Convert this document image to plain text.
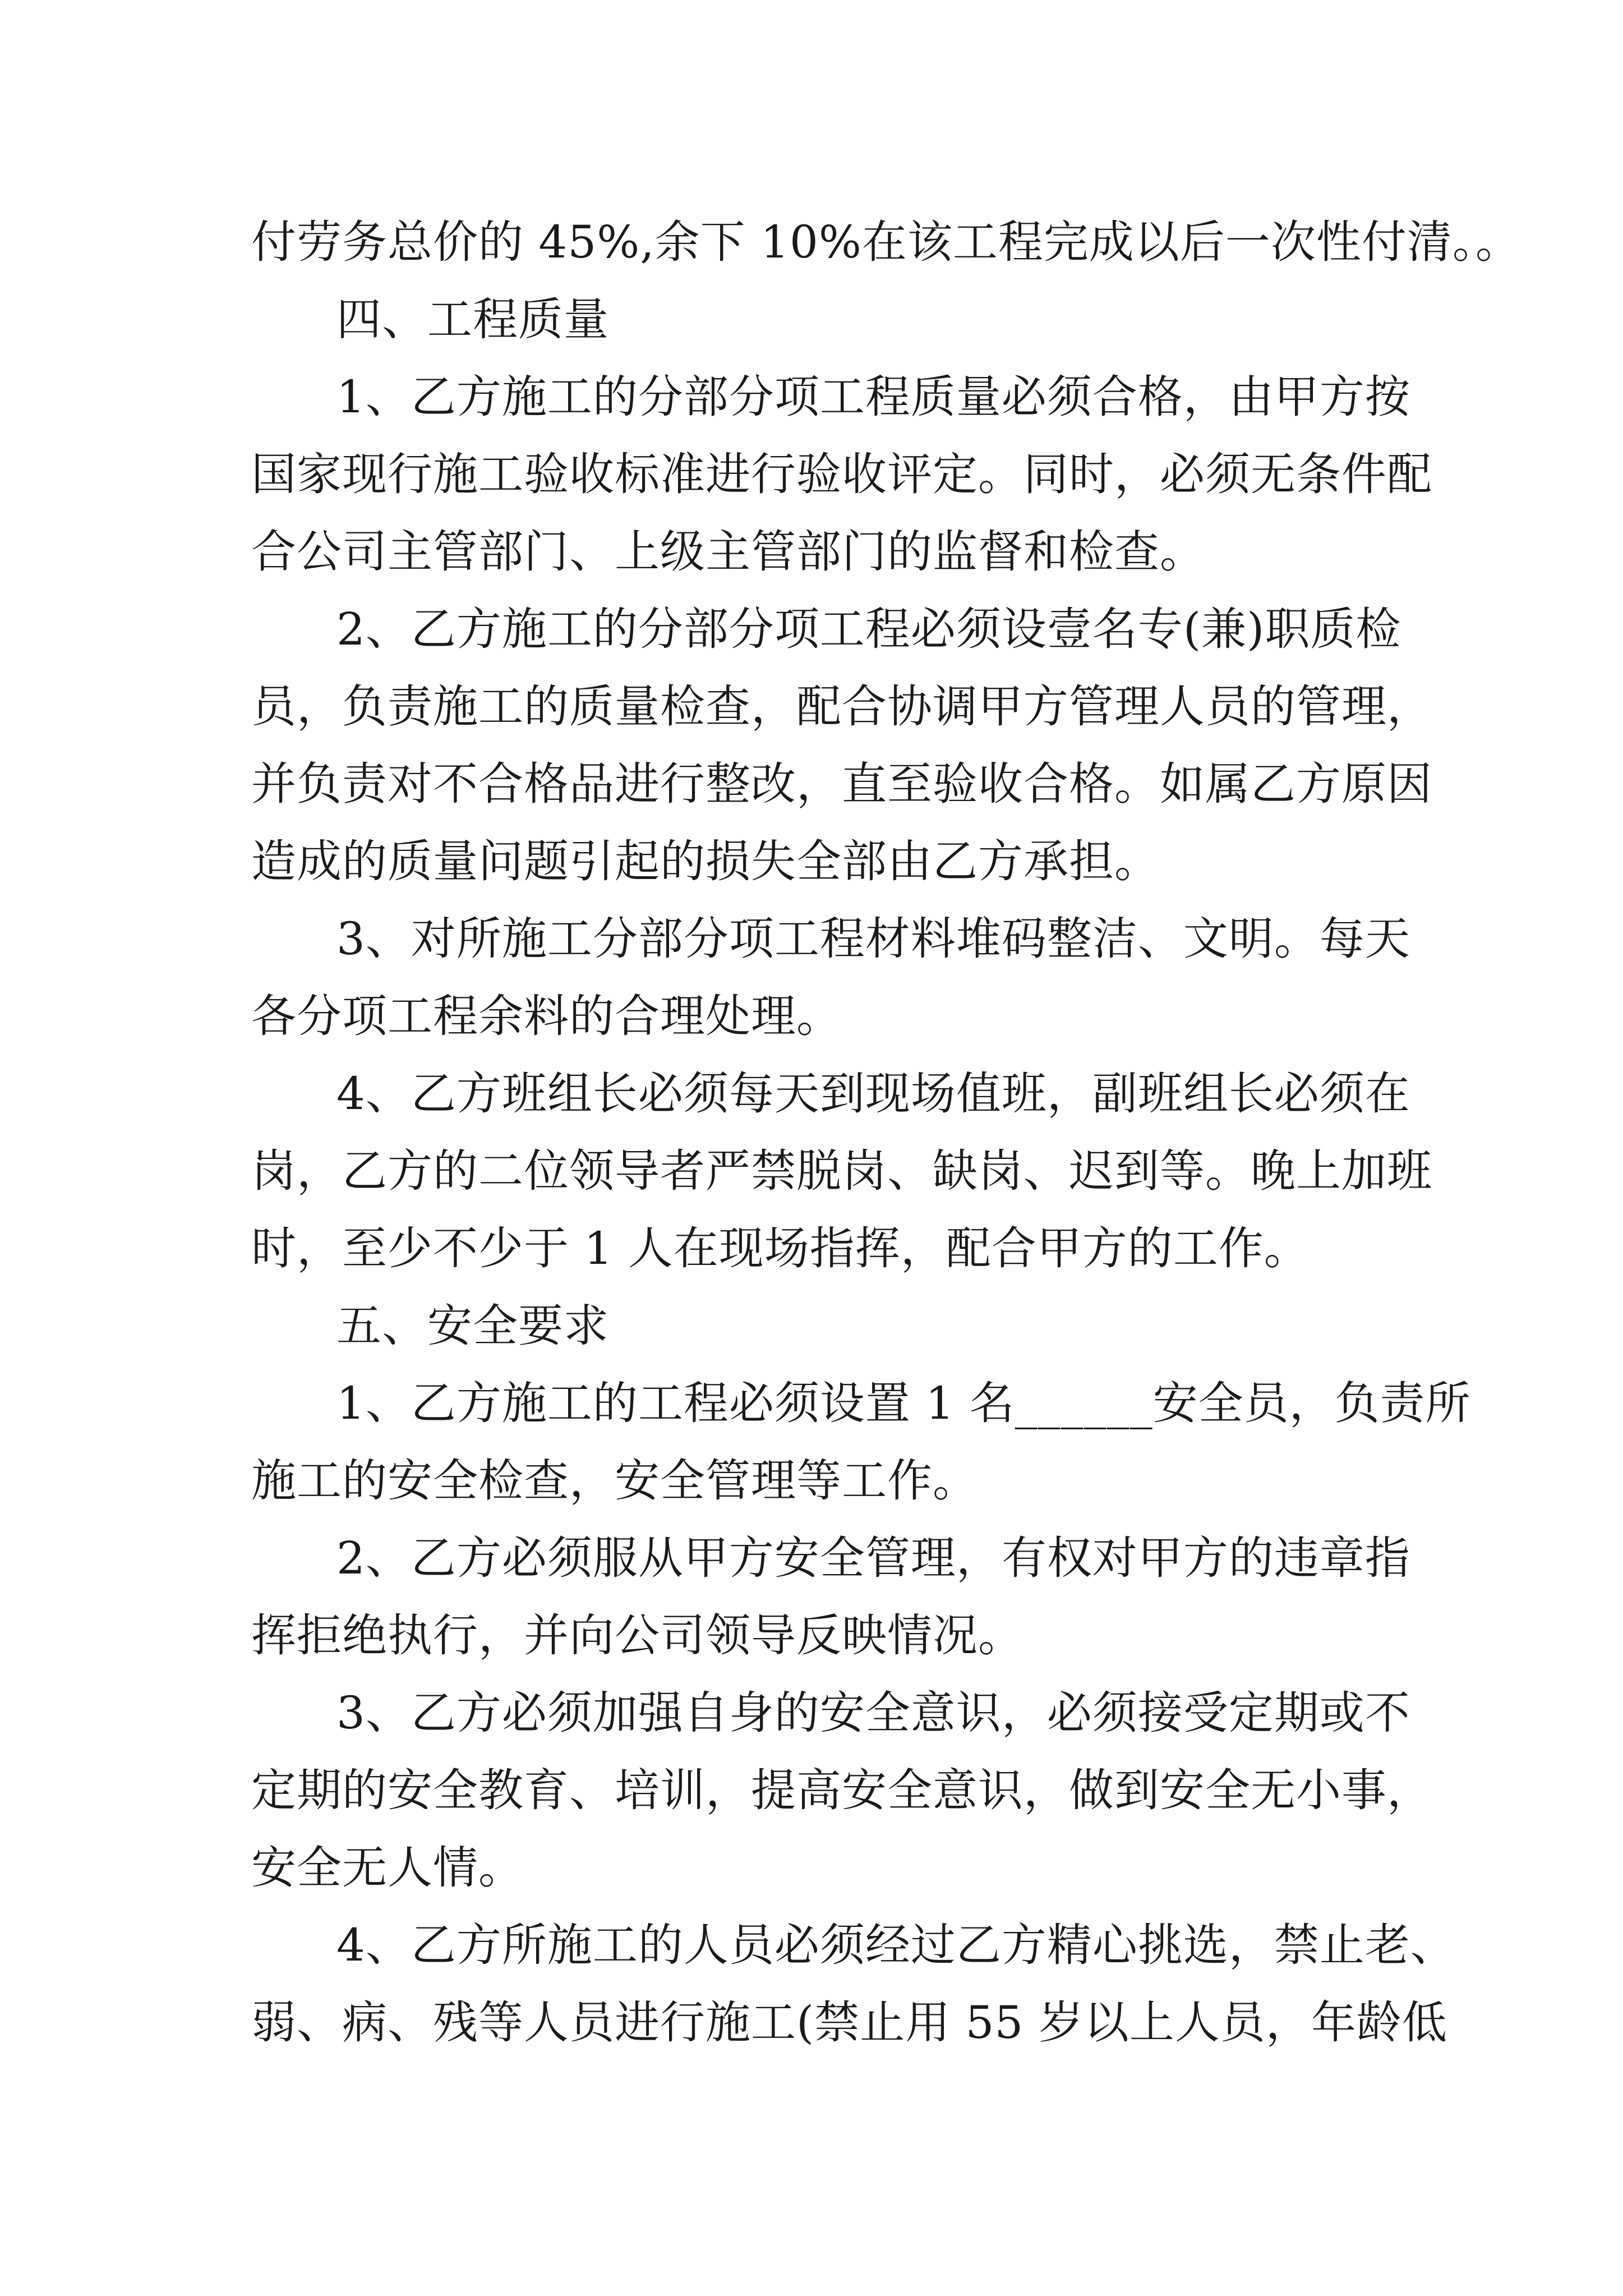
付劳务总价的 45%,余下 10%在该工程完成以后一次性付清。。
四、工程质量
1、乙方施工的分部分项工程质量必须合格，由甲方按
国家现行施工验收标准进行验收评定。同时，必须无条件配
合公司主管部门、上级主管部门的监督和检查。
2、乙方施工的分部分项工程必须设壹名专(兼)职质检
员，负责施工的质量检查，配合协调甲方管理人员的管理，
并负责对不合格品进行整改，直至验收合格。如属乙方原因
造成的质量问题引起的损失全部由乙方承担。
3、对所施工分部分项工程材料堆码整洁、文明。每天
各分项工程余料的合理处理。
4、乙方班组长必须每天到现场值班，副班组长必须在
岗，乙方的二位领导者严禁脱岗、缺岗、迟到等。晚上加班
时，至少不少于 1 人在现场指挥，配合甲方的工作。
五、安全要求
1、乙方施工的工程必须设置 1 名______安全员，负责所
施工的安全检查，安全管理等工作。
2、乙方必须服从甲方安全管理，有权对甲方的违章指
挥拒绝执行，并向公司领导反映情况。
3、乙方必须加强自身的安全意识，必须接受定期或不
定期的安全教育、培训，提高安全意识，做到安全无小事，
安全无人情。
4、乙方所施工的人员必须经过乙方精心挑选，禁止老、
弱、病、残等人员进行施工(禁止用 55 岁以上人员，年龄低
